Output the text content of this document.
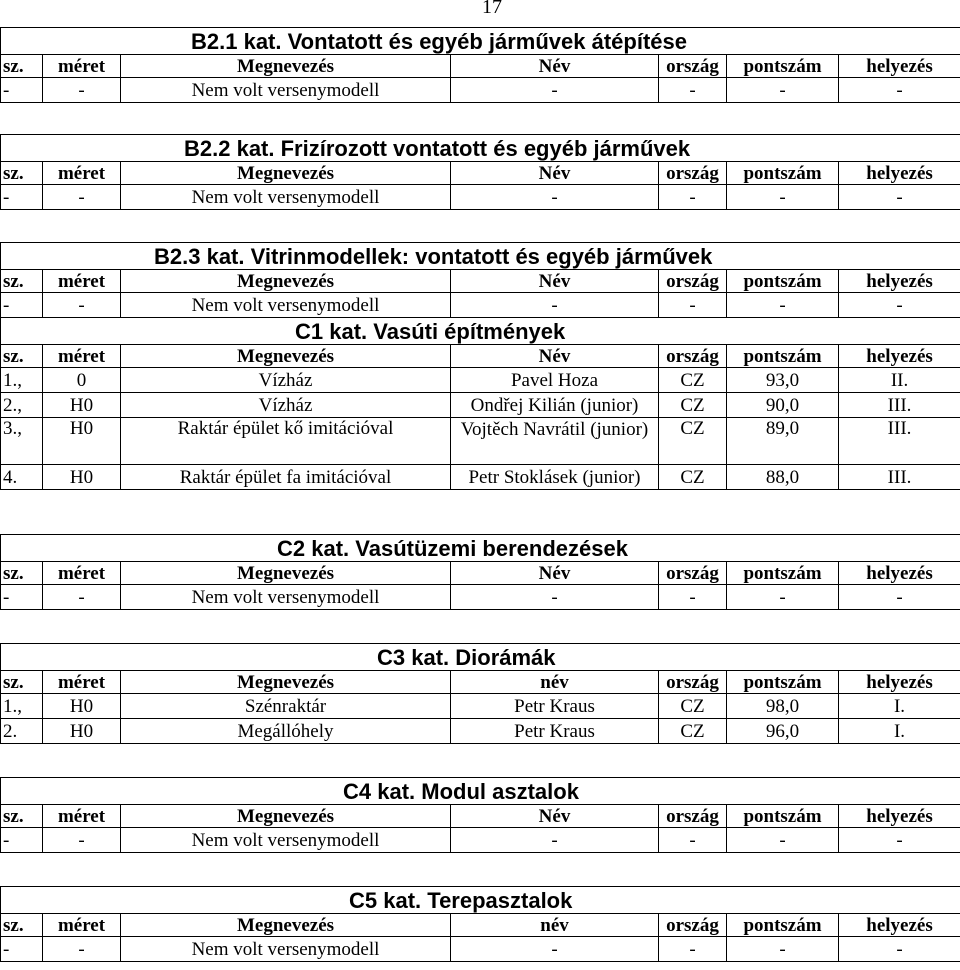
17
B2.1 kat. Vontatott és egyéb járművek átépítése						
sz.	méret	Megnevezés	Név	ország	pontszám	helyezés
-	-	Nem volt versenymodell	-	-	-	-
B2.2 kat. Frizírozott vontatott és egyéb járművek						
sz.	méret	Megnevezés	Név	ország	pontszám	helyezés
-	-	Nem volt versenymodell	-	-	-	-
B2.3 kat. Vitrinmodellek: vontatott és egyéb járművek						
sz.	méret	Megnevezés	Név	ország	pontszám	helyezés
-	-	Nem volt versenymodell	-	-	-	-
C1 kat. Vasúti építmények						
sz.	méret	Megnevezés	Név	ország	pontszám	helyezés
1.,	0	Vízház	Pavel Hoza	CZ	93,0	II.
2.,	H0	Vízház	Ondřej Kilián (junior)	CZ	90,0	III.
3.,	H0	Raktár épület kő imitációval	Vojtěch Navrátil (junior)	CZ	89,0	III.
4.	H0	Raktár épület fa imitációval	Petr Stoklásek (junior)	CZ	88,0	III.
C2 kat. Vasútüzemi berendezések						
sz.	méret	Megnevezés	Név	ország	pontszám	helyezés
-	-	Nem volt versenymodell	-	-	-	-
C3 kat. Diorámák						
sz.	méret	Megnevezés	név	ország	pontszám	helyezés
1.,	H0	Szénraktár	Petr Kraus	CZ	98,0	I.
2.	H0	Megállóhely	Petr Kraus	CZ	96,0	I.
C4 kat. Modul asztalok						
sz.	méret	Megnevezés	Név	ország	pontszám	helyezés
-	-	Nem volt versenymodell	-	-	-	-
C5 kat. Terepasztalok						
sz.	méret	Megnevezés	név	ország	pontszám	helyezés
-	-	Nem volt versenymodell	-	-	-	-
